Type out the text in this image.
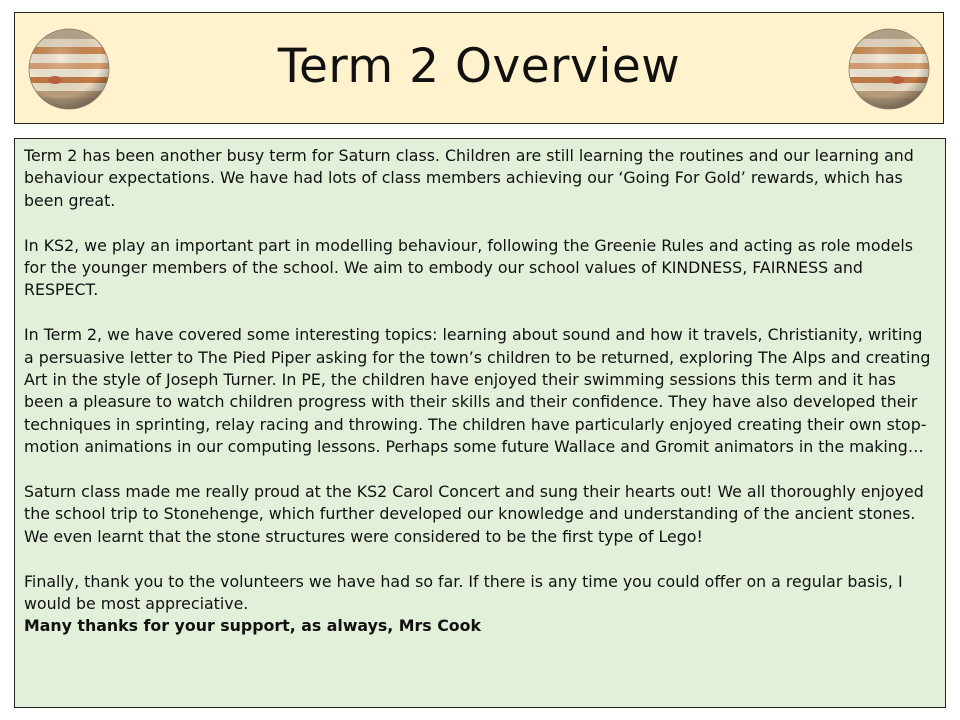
Term 2 Overview

Term 2 has been another busy term for Saturn class. Children are still learning the routines and our learning and behaviour expectations. We have had lots of class members achieving our ‘Going For Gold’ rewards, which has been great.

In KS2, we play an important part in modelling behaviour, following the Greenie Rules and acting as role models for the younger members of the school. We aim to embody our school values of KINDNESS, FAIRNESS and RESPECT.

In Term 2, we have covered some interesting topics: learning about sound and how it travels, Christianity, writing a persuasive letter to The Pied Piper asking for the town’s children to be returned, exploring The Alps and creating Art in the style of Joseph Turner. In PE, the children have enjoyed their swimming sessions this term and it has been a pleasure to watch children progress with their skills and their confidence. They have also developed their techniques in sprinting, relay racing and throwing. The children have particularly enjoyed creating their own stop-motion animations in our computing lessons. Perhaps some future Wallace and Gromit animators in the making…

Saturn class made me really proud at the KS2 Carol Concert and sung their hearts out! We all thoroughly enjoyed the school trip to Stonehenge, which further developed our knowledge and understanding of the ancient stones. We even learnt that the stone structures were considered to be the first type of Lego!

Finally, thank you to the volunteers we have had so far. If there is any time you could offer on a regular basis, I would be most appreciative.

Many thanks for your support, as always, Mrs Cook
